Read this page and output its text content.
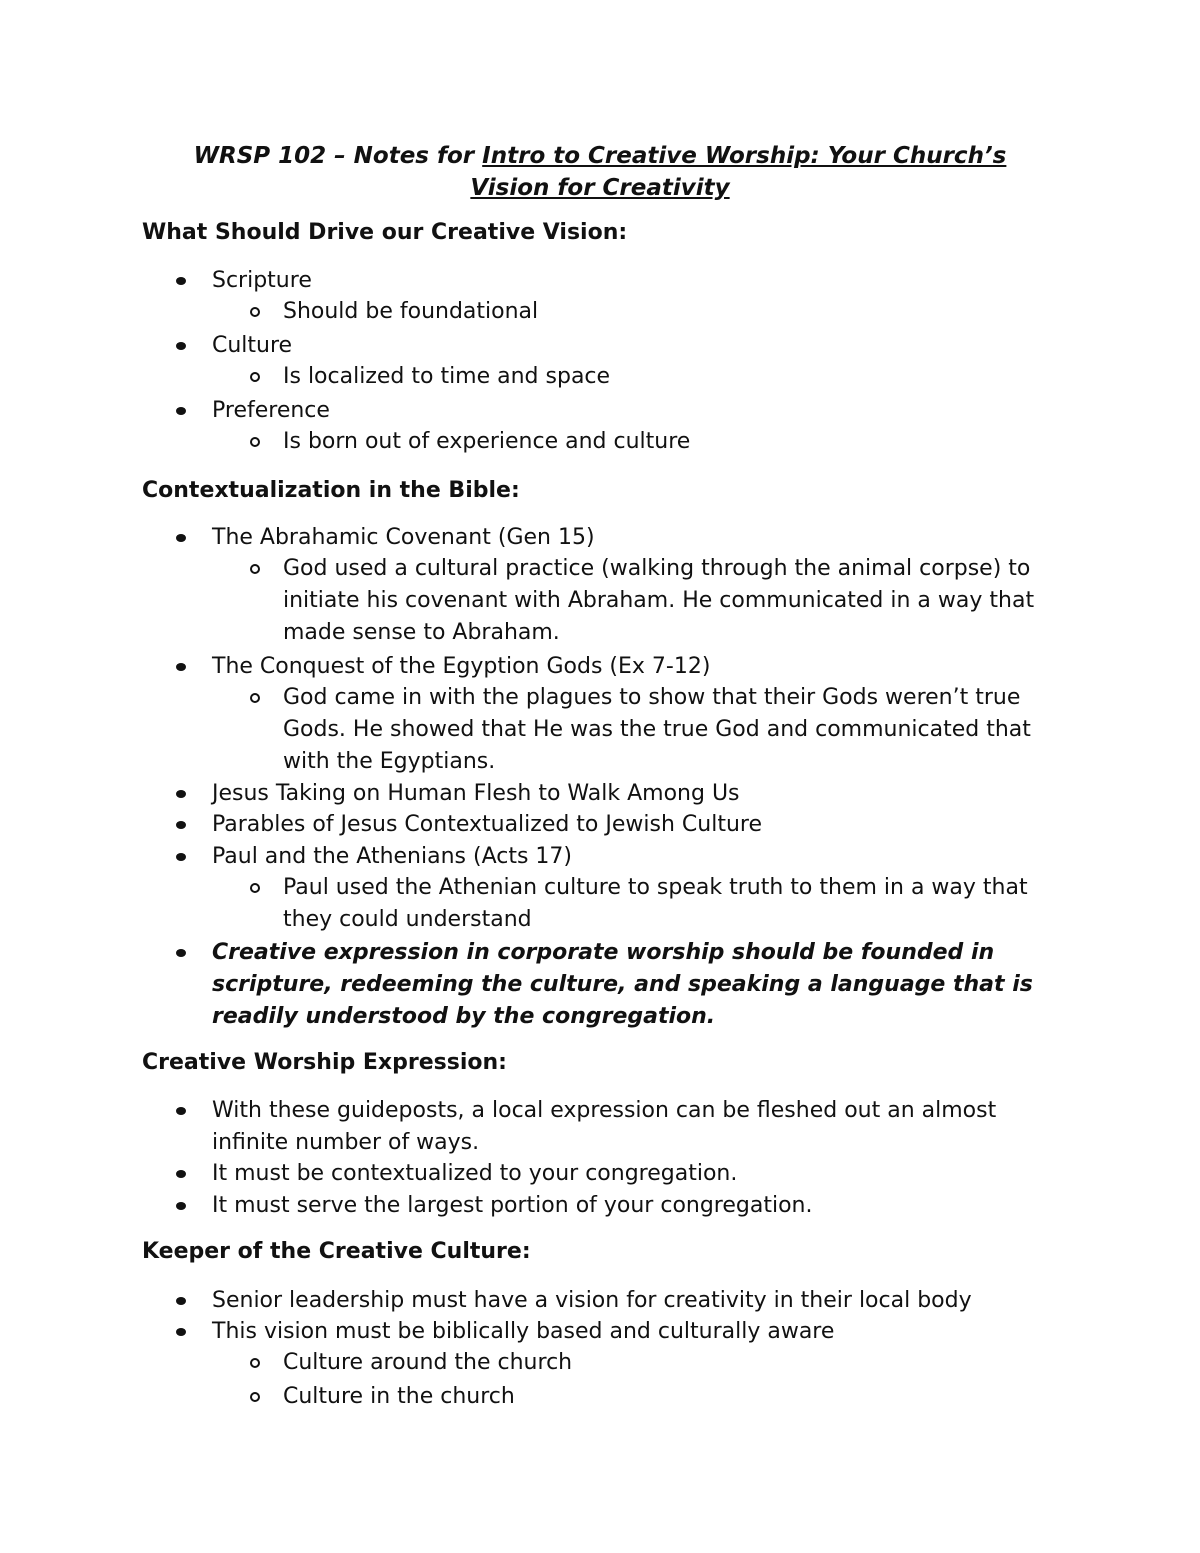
WRSP 102 – Notes for Intro to Creative Worship: Your Church’s
Vision for Creativity
What Should Drive our Creative Vision:
Scripture
Should be foundational
Culture
Is localized to time and space
Preference
Is born out of experience and culture
Contextualization in the Bible:
The Abrahamic Covenant (Gen 15)
God used a cultural practice (walking through the animal corpse) to initiate his covenant with Abraham. He communicated in a way that made sense to Abraham.
The Conquest of the Egyption Gods (Ex 7-12)
God came in with the plagues to show that their Gods weren’t true Gods. He showed that He was the true God and communicated that with the Egyptians.
Jesus Taking on Human Flesh to Walk Among Us
Parables of Jesus Contextualized to Jewish Culture
Paul and the Athenians (Acts 17)
Paul used the Athenian culture to speak truth to them in a way that they could understand
Creative expression in corporate worship should be founded in scripture, redeeming the culture, and speaking a language that is readily understood by the congregation.
Creative Worship Expression:
With these guideposts, a local expression can be fleshed out an almost infinite number of ways.
It must be contextualized to your congregation.
It must serve the largest portion of your congregation.
Keeper of the Creative Culture:
Senior leadership must have a vision for creativity in their local body
This vision must be biblically based and culturally aware
Culture around the church
Culture in the church
